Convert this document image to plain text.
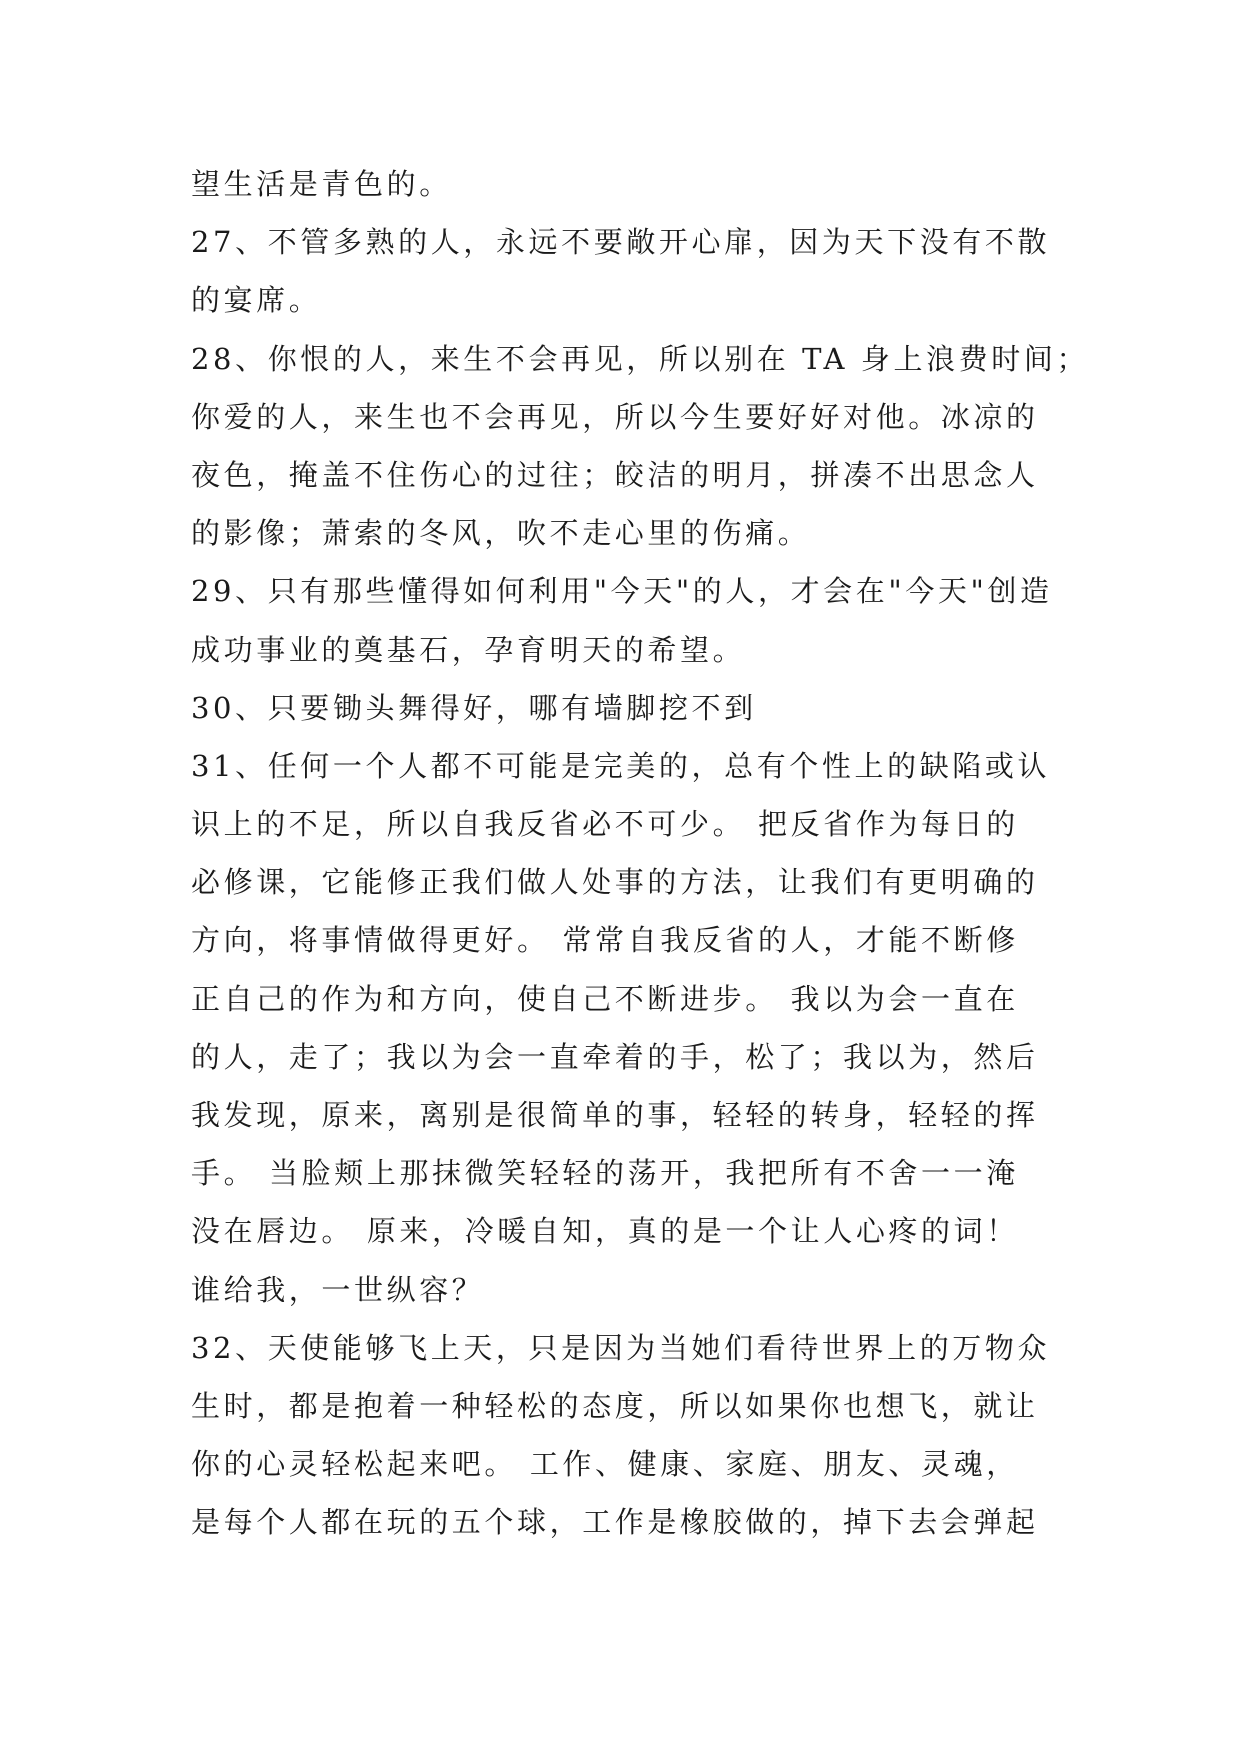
望生活是青色的。
27、不管多熟的人，永远不要敞开心扉，因为天下没有不散
的宴席。
28、你恨的人，来生不会再见，所以别在 TA 身上浪费时间；
你爱的人，来生也不会再见，所以今生要好好对他。冰凉的
夜色，掩盖不住伤心的过往；皎洁的明月，拼凑不出思念人
的影像；萧索的冬风，吹不走心里的伤痛。
29、只有那些懂得如何利用"今天"的人，才会在"今天"创造
成功事业的奠基石，孕育明天的希望。
30、只要锄头舞得好，哪有墙脚挖不到
31、任何一个人都不可能是完美的，总有个性上的缺陷或认
识上的不足，所以自我反省必不可少。 把反省作为每日的
必修课，它能修正我们做人处事的方法，让我们有更明确的
方向，将事情做得更好。 常常自我反省的人，才能不断修
正自己的作为和方向，使自己不断进步。 我以为会一直在
的人，走了；我以为会一直牵着的手，松了；我以为，然后
我发现，原来，离别是很简单的事，轻轻的转身，轻轻的挥
手。 当脸颊上那抹微笑轻轻的荡开，我把所有不舍一一淹
没在唇边。 原来，冷暖自知，真的是一个让人心疼的词！
谁给我，一世纵容？
32、天使能够飞上天，只是因为当她们看待世界上的万物众
生时，都是抱着一种轻松的态度，所以如果你也想飞，就让
你的心灵轻松起来吧。 工作、健康、家庭、朋友、灵魂，
是每个人都在玩的五个球，工作是橡胶做的，掉下去会弹起
